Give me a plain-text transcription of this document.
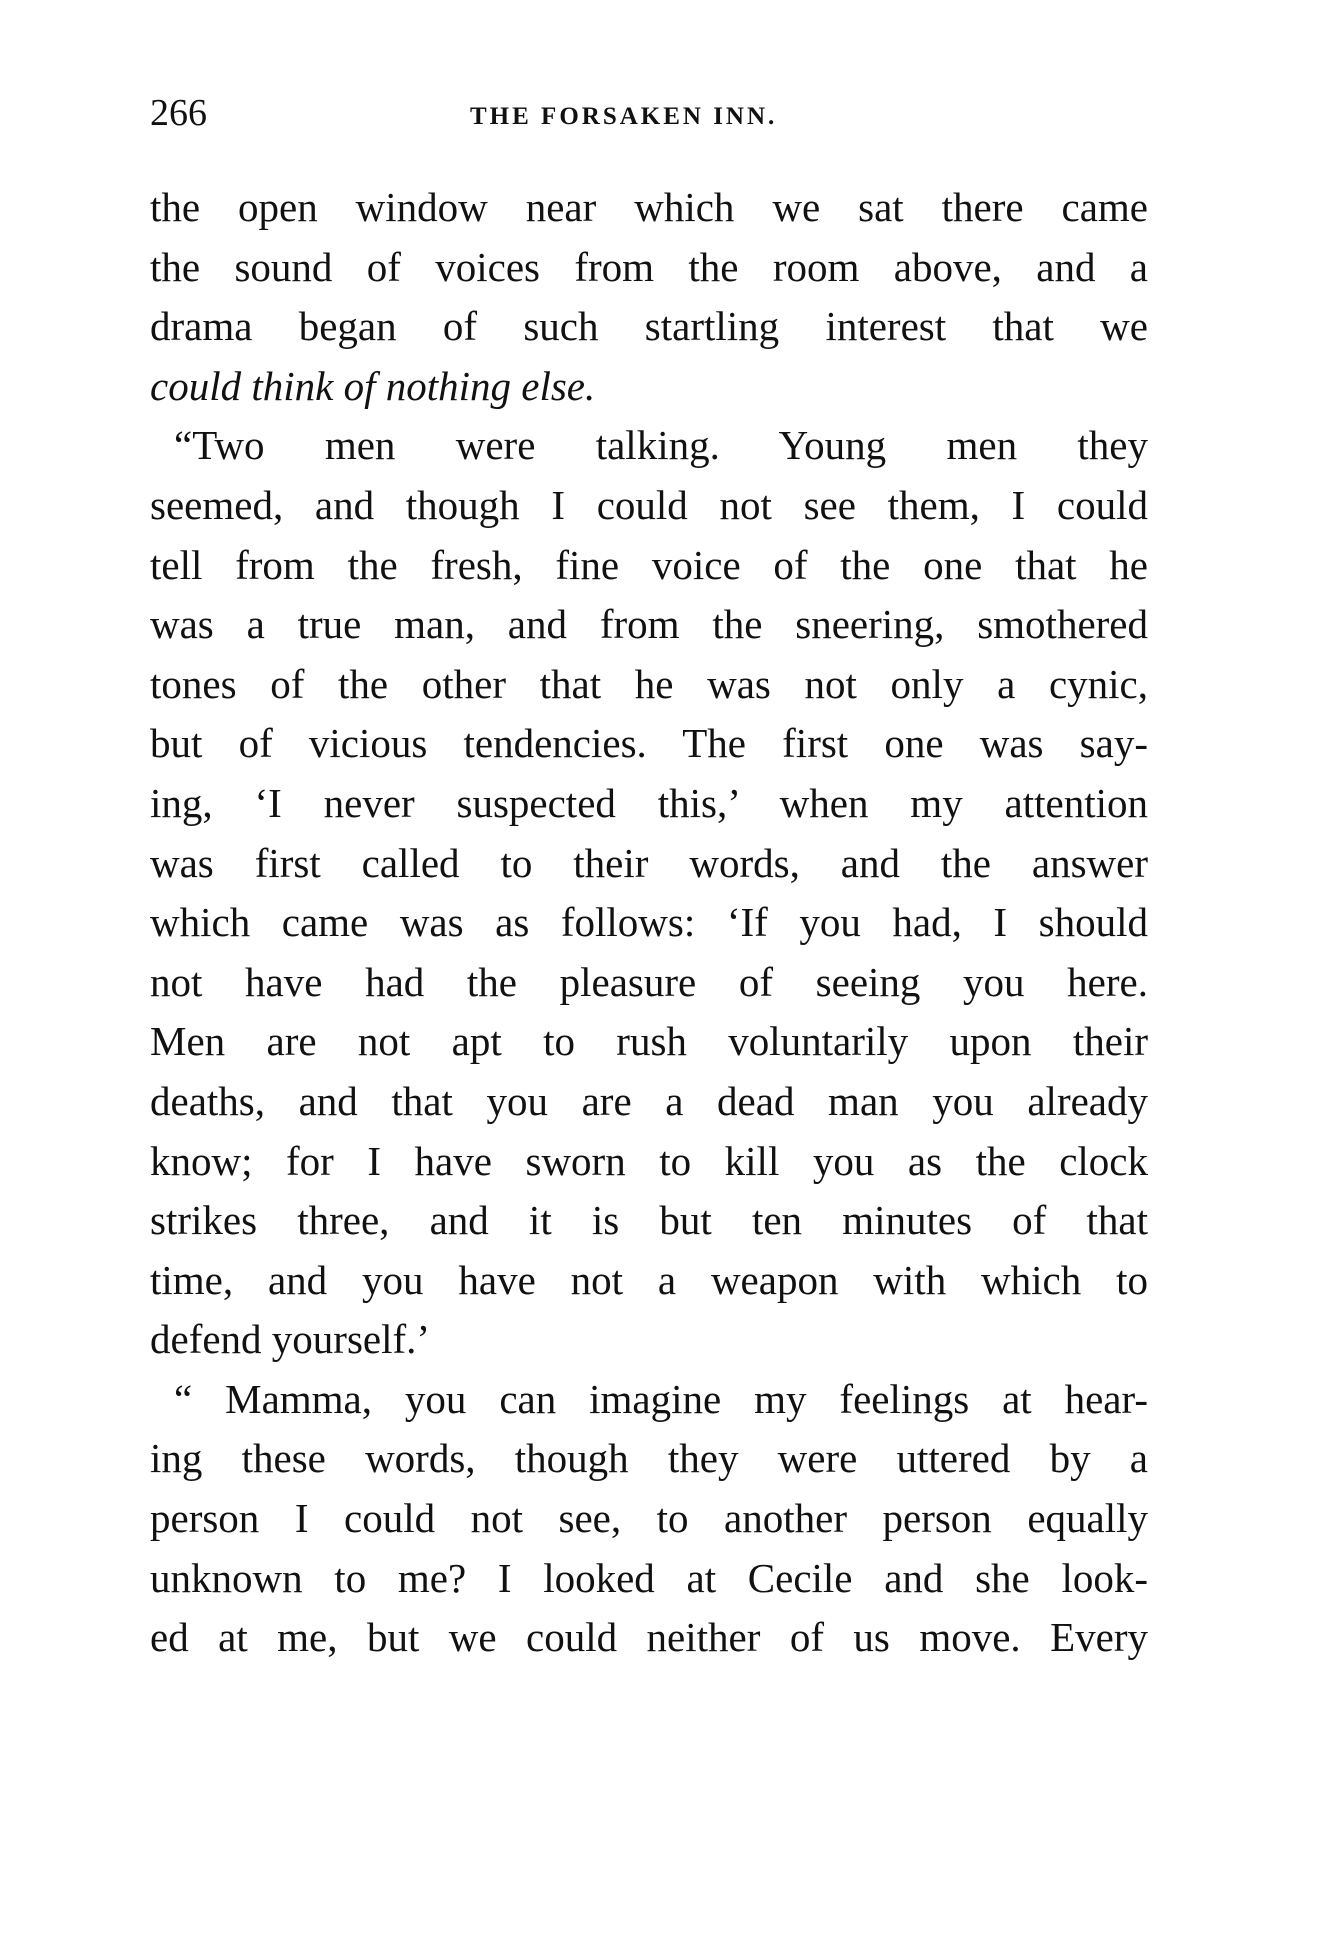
266	THE FORSAKEN INN.
the open window near which we sat there came
the sound of voices from the room above, and a
drama began of such startling interest that we
could think of nothing else.
“Two men were talking. Young men they
seemed, and though I could not see them, I could
tell from the fresh, fine voice of the one that he
was a true man, and from the sneering, smothered
tones of the other that he was not only a cynic,
but of vicious tendencies. The first one was say-
ing, ‘I never suspected this,’ when my attention
was first called to their words, and the answer
which came was as follows: ‘If you had, I should
not have had the pleasure of seeing you here.
Men are not apt to rush voluntarily upon their
deaths, and that you are a dead man you already
know; for I have sworn to kill you as the clock
strikes three, and it is but ten minutes of that
time, and you have not a weapon with which to
defend yourself.’
“ Mamma, you can imagine my feelings at hear-
ing these words, though they were uttered by a
person I could not see, to another person equally
unknown to me? I looked at Cecile and she look-
ed at me, but we could neither of us move. Every
